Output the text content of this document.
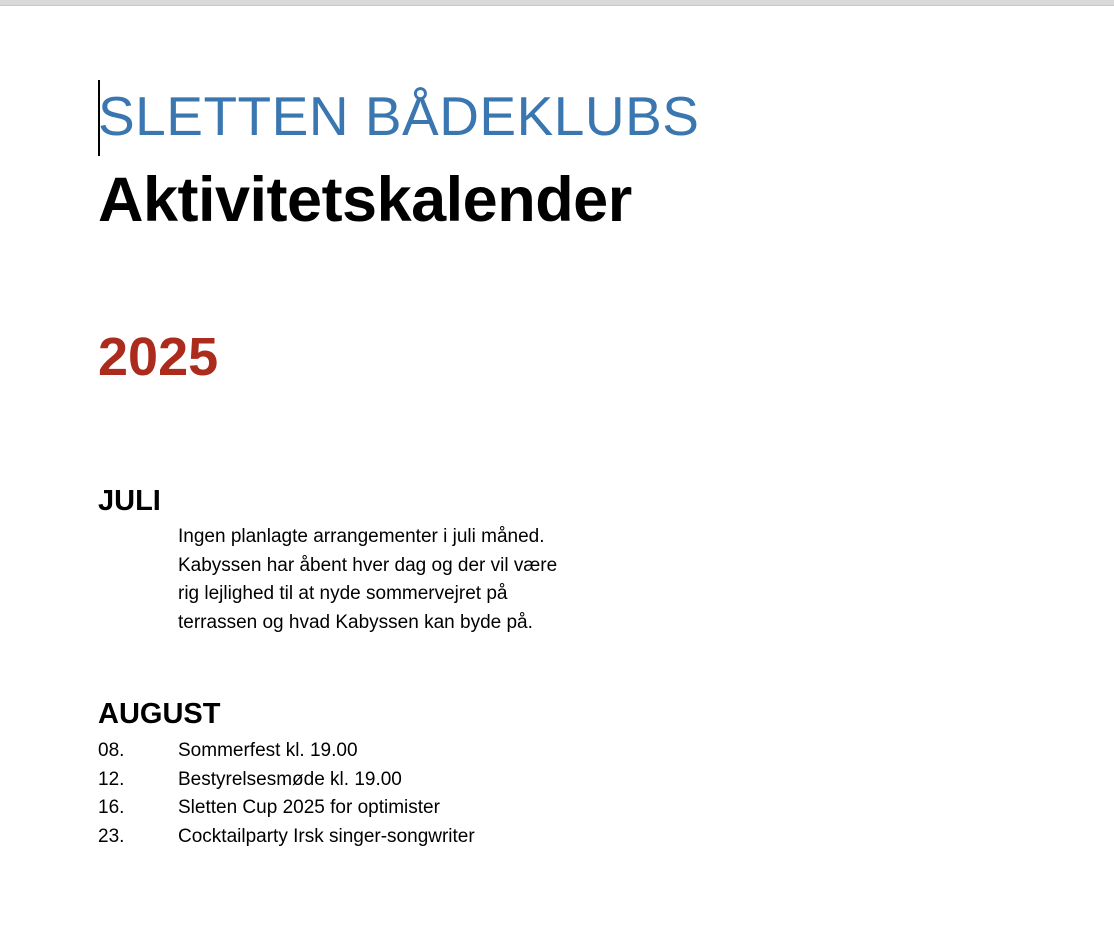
SLETTEN BÅDEKLUBS
Aktivitetskalender
2025
JULI

Ingen planlagte arrangementer i juli måned.
Kabyssen har åbent hver dag og der vil være
rig lejlighed til at nyde sommervejret på
terrassen og hvad Kabyssen kan byde på.

AUGUST
08.	Sommerfest kl. 19.00
12.	Bestyrelsesmøde kl. 19.00
16.	Sletten Cup 2025 for optimister
23.	Cocktailparty Irsk singer-songwriter
